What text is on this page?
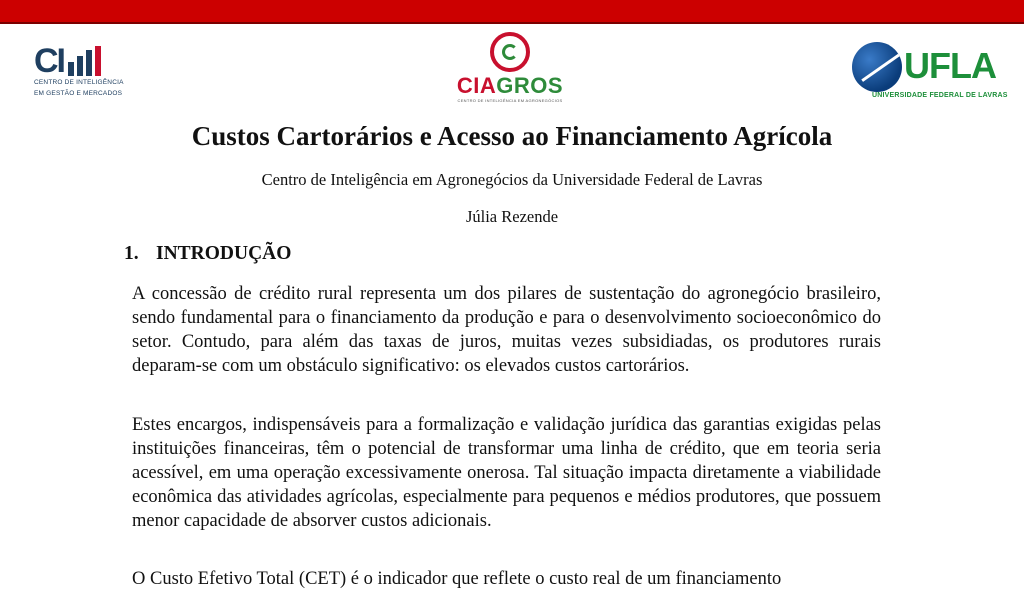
CI
CENTRO DE INTELIGÊNCIA
EM GESTÃO E MERCADOS	CIAGROS
CENTRO DE INTELIGÊNCIA EM AGRONEGÓCIOS
UFLA
UNIVERSIDADE FEDERAL DE LAVRAS
Custos Cartorários e Acesso ao Financiamento Agrícola
Centro de Inteligência em Agronegócios da Universidade Federal de Lavras
Júlia Rezende
1. INTRODUÇÃO

A concessão de crédito rural representa um dos pilares de sustentação do agronegócio brasileiro, sendo fundamental para o financiamento da produção e para o desenvolvimento socioeconômico do setor. Contudo, para além das taxas de juros, muitas vezes subsidiadas, os produtores rurais deparam-se com um obstáculo significativo: os elevados custos cartorários.

Estes encargos, indispensáveis para a formalização e validação jurídica das garantias exigidas pelas instituições financeiras, têm o potencial de transformar uma linha de crédito, que em teoria seria acessível, em uma operação excessivamente onerosa. Tal situação impacta diretamente a viabilidade econômica das atividades agrícolas, especialmente para pequenos e médios produtores, que possuem menor capacidade de absorver custos adicionais.

O Custo Efetivo Total (CET) é o indicador que reflete o custo real de um financiamento
